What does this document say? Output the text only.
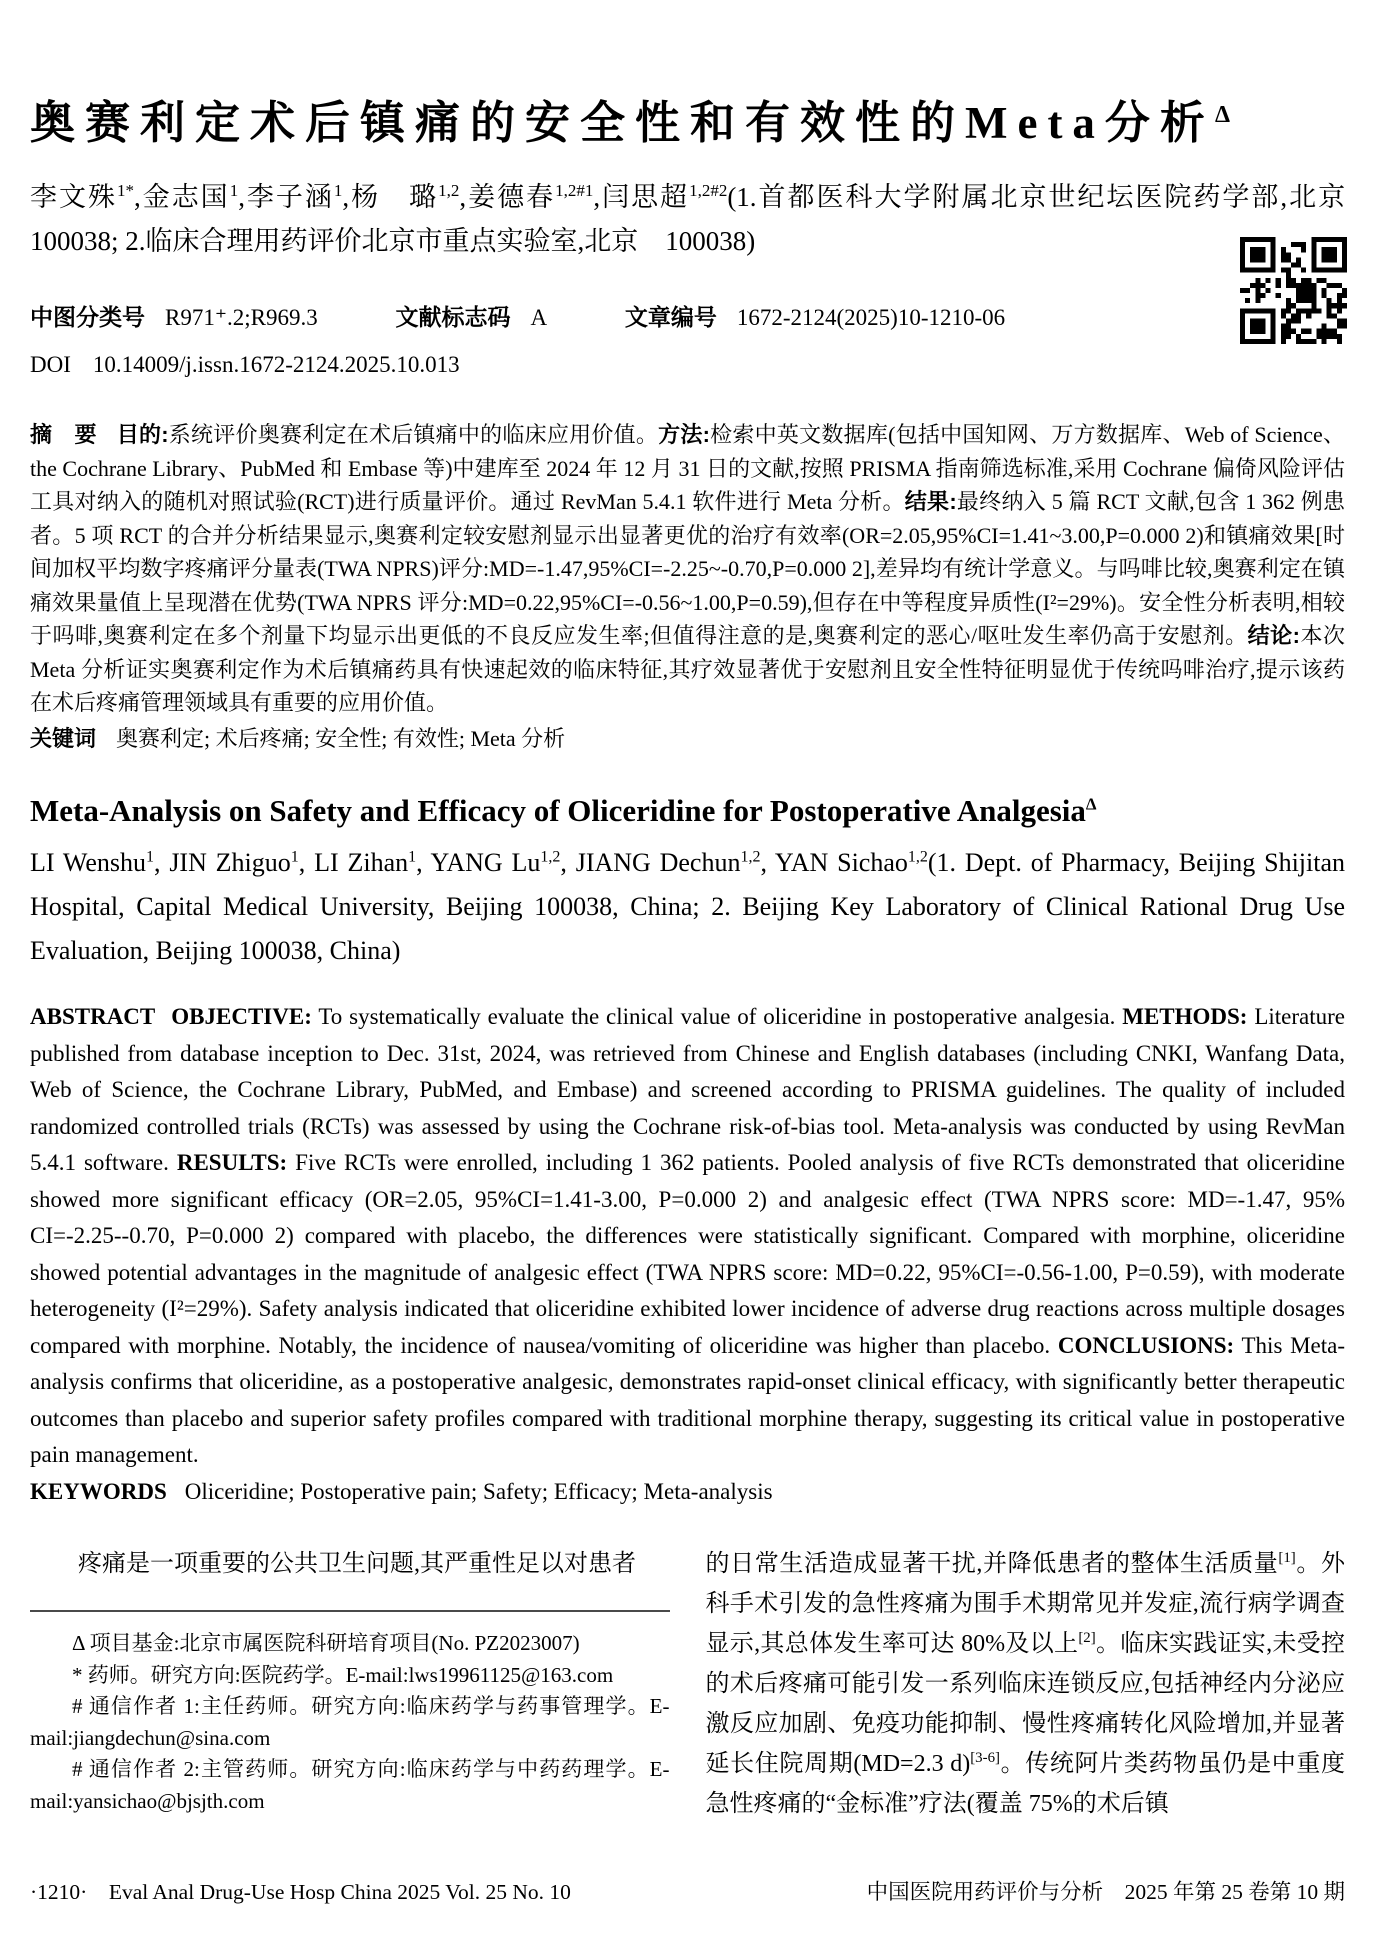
奥赛利定术后镇痛的安全性和有效性的Meta分析$^\Delta$

李文殊$^{1*}$,金志国$^1$,李子涵$^1$,杨　璐$^{1,2}$,姜德春$^{1,2\#1}$,闫思超$^{1,2\#2}$(1.首都医科大学附属北京世纪坛医院药学部,北京　100038; 2.临床合理用药评价北京市重点实验室,北京　100038)

中图分类号 R971⁺.2;R969.3	文献标志码 A	文章编号 1672-2124(2025)10-1210-06
DOI 10.14009/j.issn.1672-2124.2025.10.013

摘　要 目的:系统评价奥赛利定在术后镇痛中的临床应用价值。方法:检索中英文数据库(包括中国知网、万方数据库、Web of Science、the Cochrane Library、PubMed 和 Embase 等)中建库至 2024 年 12 月 31 日的文献,按照 PRISMA 指南筛选标准,采用 Cochrane 偏倚风险评估工具对纳入的随机对照试验(RCT)进行质量评价。通过 RevMan 5.4.1 软件进行 Meta 分析。结果:最终纳入 5 篇 RCT 文献,包含 1 362 例患者。5 项 RCT 的合并分析结果显示,奥赛利定较安慰剂显示出显著更优的治疗有效率(OR=2.05,95%CI=1.41~3.00,P=0.000 2)和镇痛效果[时间加权平均数字疼痛评分量表(TWA NPRS)评分:MD=-1.47,95%CI=-2.25~-0.70,P=0.000 2],差异均有统计学意义。与吗啡比较,奥赛利定在镇痛效果量值上呈现潜在优势(TWA NPRS 评分:MD=0.22,95%CI=-0.56~1.00,P=0.59),但存在中等程度异质性(I²=29%)。安全性分析表明,相较于吗啡,奥赛利定在多个剂量下均显示出更低的不良反应发生率;但值得注意的是,奥赛利定的恶心/呕吐发生率仍高于安慰剂。结论:本次 Meta 分析证实奥赛利定作为术后镇痛药具有快速起效的临床特征,其疗效显著优于安慰剂且安全性特征明显优于传统吗啡治疗,提示该药在术后疼痛管理领域具有重要的应用价值。

关键词 奥赛利定; 术后疼痛; 安全性; 有效性; Meta 分析

Meta-Analysis on Safety and Efficacy of Oliceridine for Postoperative Analgesia$^\Delta$

LI Wenshu$^1$, JIN Zhiguo$^1$, LI Zihan$^1$, YANG Lu$^{1,2}$, JIANG Dechun$^{1,2}$, YAN Sichao$^{1,2}$(1. Dept. of Pharmacy, Beijing Shijitan Hospital, Capital Medical University, Beijing 100038, China; 2. Beijing Key Laboratory of Clinical Rational Drug Use Evaluation, Beijing 100038, China)

ABSTRACT OBJECTIVE: To systematically evaluate the clinical value of oliceridine in postoperative analgesia. METHODS: Literature published from database inception to Dec. 31st, 2024, was retrieved from Chinese and English databases (including CNKI, Wanfang Data, Web of Science, the Cochrane Library, PubMed, and Embase) and screened according to PRISMA guidelines. The quality of included randomized controlled trials (RCTs) was assessed by using the Cochrane risk-of-bias tool. Meta-analysis was conducted by using RevMan 5.4.1 software. RESULTS: Five RCTs were enrolled, including 1 362 patients. Pooled analysis of five RCTs demonstrated that oliceridine showed more significant efficacy (OR=2.05, 95%CI=1.41-3.00, P=0.000 2) and analgesic effect (TWA NPRS score: MD=-1.47, 95% CI=-2.25--0.70, P=0.000 2) compared with placebo, the differences were statistically significant. Compared with morphine, oliceridine showed potential advantages in the magnitude of analgesic effect (TWA NPRS score: MD=0.22, 95%CI=-0.56-1.00, P=0.59), with moderate heterogeneity (I²=29%). Safety analysis indicated that oliceridine exhibited lower incidence of adverse drug reactions across multiple dosages compared with morphine. Notably, the incidence of nausea/vomiting of oliceridine was higher than placebo. CONCLUSIONS: This Meta-analysis confirms that oliceridine, as a postoperative analgesic, demonstrates rapid-onset clinical efficacy, with significantly better therapeutic outcomes than placebo and superior safety profiles compared with traditional morphine therapy, suggesting its critical value in postoperative pain management.

KEYWORDS Oliceridine; Postoperative pain; Safety; Efficacy; Meta-analysis

疼痛是一项重要的公共卫生问题,其严重性足以对患者

Δ 项目基金:北京市属医院科研培育项目(No. PZ2023007)

* 药师。研究方向:医院药学。E-mail:lws19961125@163.com

# 通信作者 1:主任药师。研究方向:临床药学与药事管理学。E-mail:jiangdechun@sina.com

# 通信作者 2:主管药师。研究方向:临床药学与中药药理学。E-mail:yansichao@bjsjth.com

的日常生活造成显著干扰,并降低患者的整体生活质量[1]。外科手术引发的急性疼痛为围手术期常见并发症,流行病学调查显示,其总体发生率可达 80%及以上[2]。临床实践证实,未受控的术后疼痛可能引发一系列临床连锁反应,包括神经内分泌应激反应加剧、免疫功能抑制、慢性疼痛转化风险增加,并显著延长住院周期(MD=2.3 d)[3-6]。传统阿片类药物虽仍是中重度急性疼痛的“金标准”疗法(覆盖 75%的术后镇

·1210·　Eval Anal Drug-Use Hosp China 2025 Vol. 25 No. 10	中国医院用药评价与分析　2025 年第 25 卷第 10 期
